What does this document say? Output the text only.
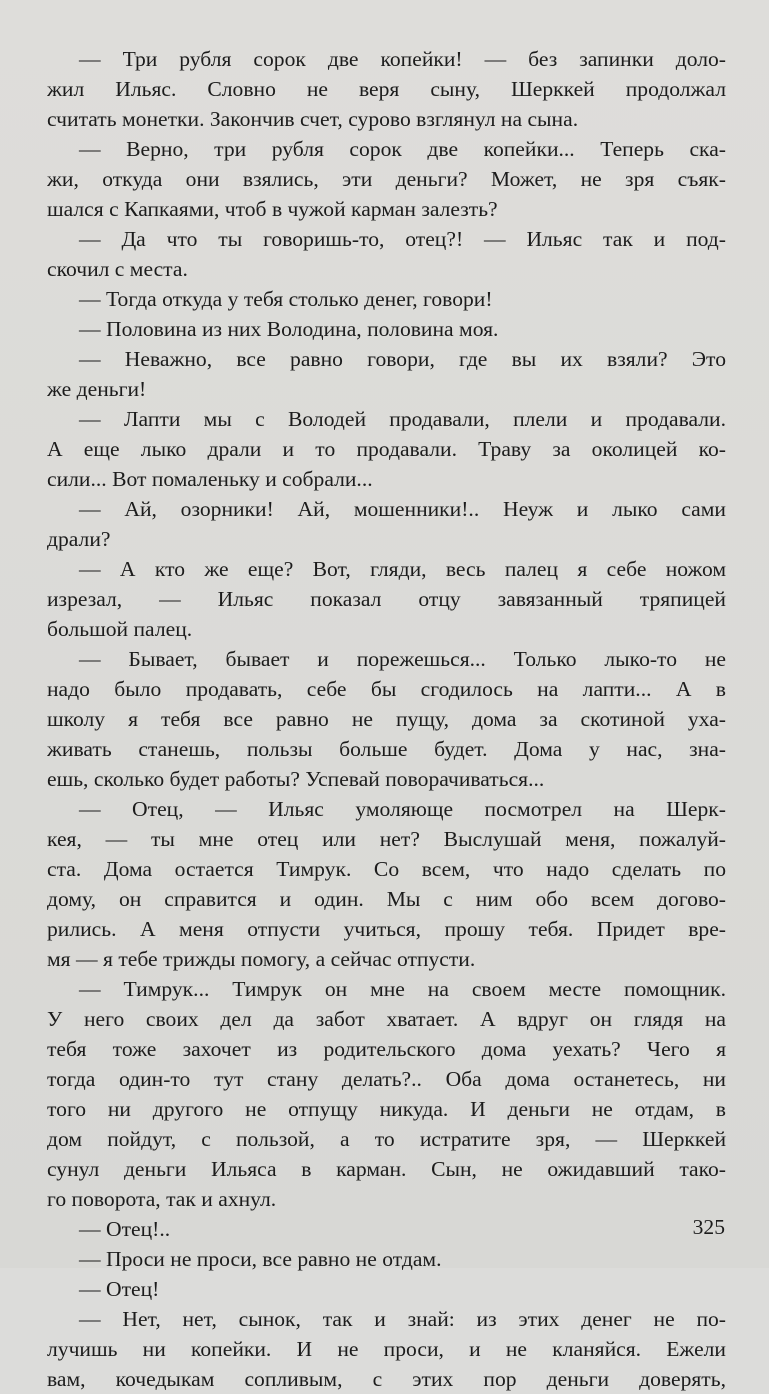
— Три рубля сорок две копейки! — без запинки доло-
жил Ильяс. Словно не веря сыну, Шерккей продолжал
считать монетки. Закончив счет, сурово взглянул на сына.
— Верно, три рубля сорок две копейки... Теперь ска-
жи, откуда они взялись, эти деньги? Может, не зря съяк-
шался с Капкаями, чтоб в чужой карман залезть?
— Да что ты говоришь-то, отец?! — Ильяс так и под-
скочил с места.
— Тогда откуда у тебя столько денег, говори!
— Половина из них Володина, половина моя.
— Неважно, все равно говори, где вы их взяли? Это
же деньги!
— Лапти мы с Володей продавали, плели и продавали.
А еще лыко драли и то продавали. Траву за околицей ко-
сили... Вот помаленьку и собрали...
— Ай, озорники! Ай, мошенники!.. Неуж и лыко сами
драли?
— А кто же еще? Вот, гляди, весь палец я себе ножом
изрезал, — Ильяс показал отцу завязанный тряпицей
большой палец.
— Бывает, бывает и порежешься... Только лыко-то не
надо было продавать, себе бы сгодилось на лапти... А в
школу я тебя все равно не пущу, дома за скотиной уха-
живать станешь, пользы больше будет. Дома у нас, зна-
ешь, сколько будет работы? Успевай поворачиваться...
— Отец, — Ильяс умоляюще посмотрел на Шерк-
кея, — ты мне отец или нет? Выслушай меня, пожалуй-
ста. Дома остается Тимрук. Со всем, что надо сделать по
дому, он справится и один. Мы с ним обо всем догово-
рились. А меня отпусти учиться, прошу тебя. Придет вре-
мя — я тебе трижды помогу, а сейчас отпусти.
— Тимрук... Тимрук он мне на своем месте помощник.
У него своих дел да забот хватает. А вдруг он глядя на
тебя тоже захочет из родительского дома уехать? Чего я
тогда один-то тут стану делать?.. Оба дома останетесь, ни
того ни другого не отпущу никуда. И деньги не отдам, в
дом пойдут, с пользой, а то истратите зря, — Шерккей
сунул деньги Ильяса в карман. Сын, не ожидавший тако-
го поворота, так и ахнул.
— Отец!..
— Проси не проси, все равно не отдам.
— Отец!
— Нет, нет, сынок, так и знай: из этих денег не по-
лучишь ни копейки. И не проси, и не кланяйся. Ежели
вам, кочедыкам сопливым, с этих пор деньги доверять,
325
